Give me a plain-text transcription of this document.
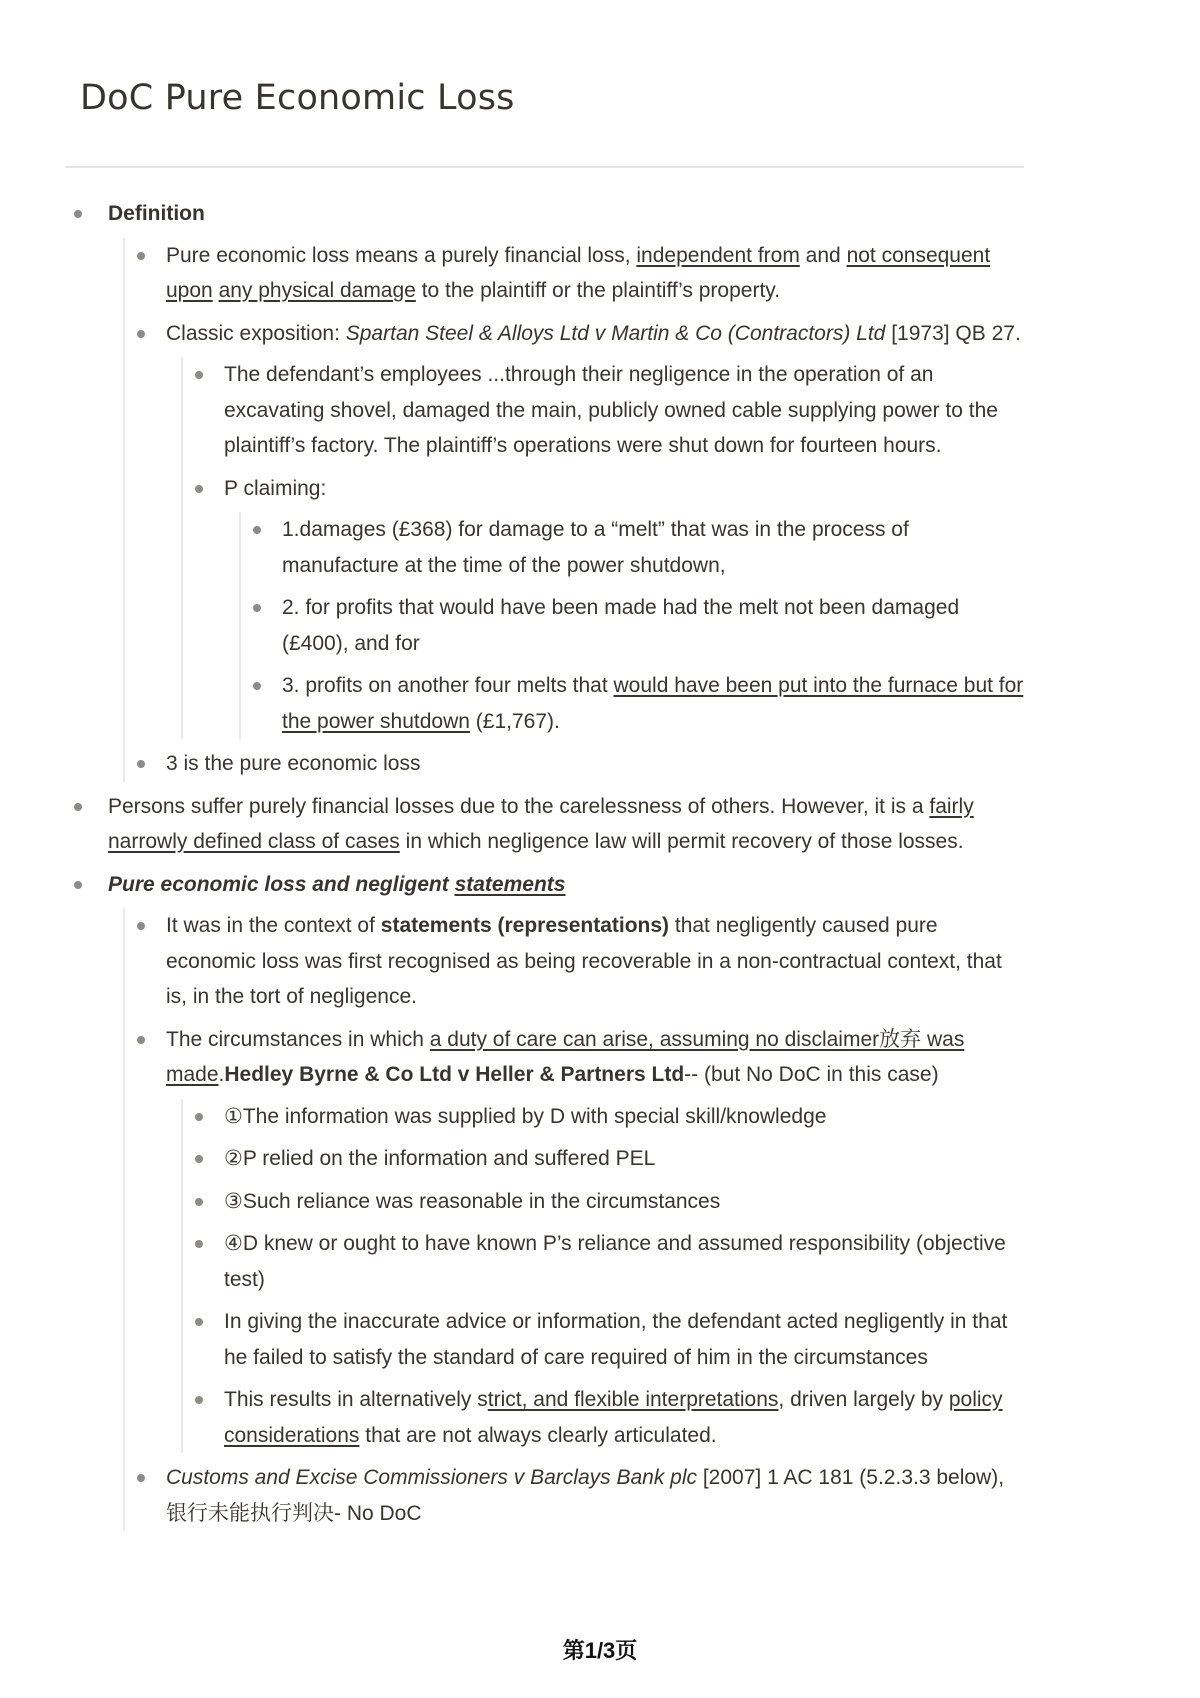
DoC Pure Economic Loss
Definition
Pure economic loss means a purely financial loss, independent from and not consequent upon any physical damage to the plaintiff or the plaintiff’s property.
Classic exposition: Spartan Steel & Alloys Ltd v Martin & Co (Contractors) Ltd [1973] QB 27.
The defendant’s employees ...through their negligence in the operation of an excavating shovel, damaged the main, publicly owned cable supplying power to the plaintiff’s factory. The plaintiff’s operations were shut down for fourteen hours.
P claiming:
1.damages (£368) for damage to a “melt” that was in the process of manufacture at the time of the power shutdown,
2. for profits that would have been made had the melt not been damaged (£400), and for
3. profits on another four melts that would have been put into the furnace but for the power shutdown (£1,767).
3 is the pure economic loss
Persons suffer purely financial losses due to the carelessness of others. However, it is a fairly narrowly defined class of cases in which negligence law will permit recovery of those losses.
Pure economic loss and negligent statements
It was in the context of statements (representations) that negligently caused pure economic loss was first recognised as being recoverable in a non-contractual context, that is, in the tort of negligence.
The circumstances in which a duty of care can arise, assuming no disclaimer放弃 was made.Hedley Byrne & Co Ltd v Heller & Partners Ltd-- (but No DoC in this case)
①The information was supplied by D with special skill/knowledge
②P relied on the information and suffered PEL
③Such reliance was reasonable in the circumstances
④D knew or ought to have known P’s reliance and assumed responsibility (objective test)
In giving the inaccurate advice or information, the defendant acted negligently in that he failed to satisfy the standard of care required of him in the circumstances
This results in alternatively strict, and flexible interpretations, driven largely by policy considerations that are not always clearly articulated.
Customs and Excise Commissioners v Barclays Bank plc [2007] 1 AC 181 (5.2.3.3 below), 银行未能执行判决- No DoC
第1/3页
